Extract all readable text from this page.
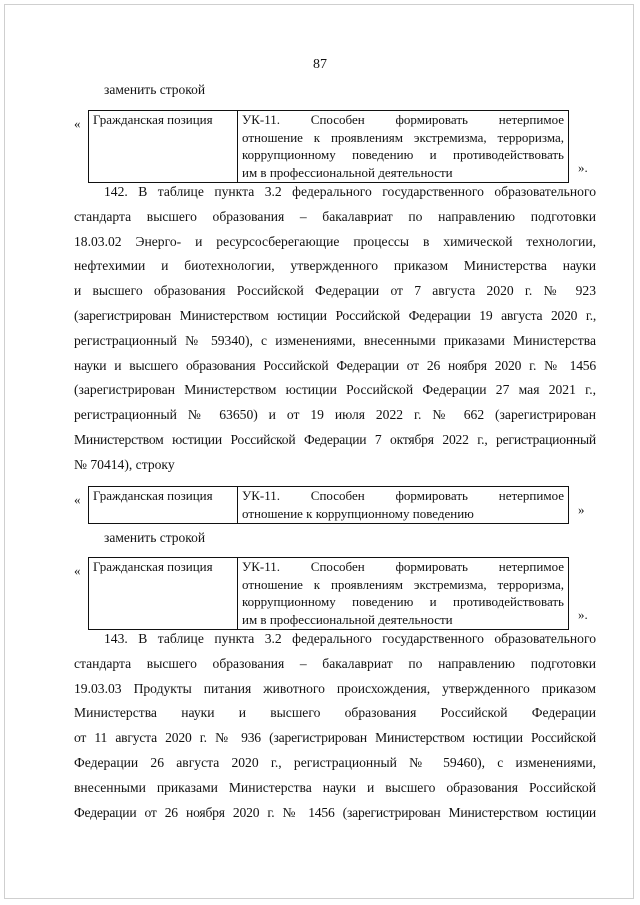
87
заменить строкой
« Гражданская позиция	УК-11. Способен формировать нетерпимое
отношение к проявлениям экстремизма, терроризма,
коррупционному поведению и противодействовать
им в профессиональной деятельности	».
142. В таблице пункта 3.2 федерального государственного образовательного
стандарта высшего образования – бакалавриат по направлению подготовки
18.03.02 Энерго- и ресурсосберегающие процессы в химической технологии,
нефтехимии и биотехнологии, утвержденного приказом Министерства науки
и высшего образования Российской Федерации от 7 августа 2020 г. № 923
(зарегистрирован Министерством юстиции Российской Федерации 19 августа 2020 г.,
регистрационный № 59340), с изменениями, внесенными приказами Министерства
науки и высшего образования Российской Федерации от 26 ноября 2020 г. № 1456
(зарегистрирован Министерством юстиции Российской Федерации 27 мая 2021 г.,
регистрационный № 63650) и от 19 июля 2022 г. № 662 (зарегистрирован
Министерством юстиции Российской Федерации 7 октября 2022 г., регистрационный
№ 70414), строку
« Гражданская позиция	УК-11. Способен формировать нетерпимое
отношение к коррупционному поведению	»
заменить строкой
« Гражданская позиция	УК-11. Способен формировать нетерпимое
отношение к проявлениям экстремизма, терроризма,
коррупционному поведению и противодействовать
им в профессиональной деятельности	».
143. В таблице пункта 3.2 федерального государственного образовательного
стандарта высшего образования – бакалавриат по направлению подготовки
19.03.03 Продукты питания животного происхождения, утвержденного приказом
Министерства науки и высшего образования Российской Федерации
от 11 августа 2020 г. № 936 (зарегистрирован Министерством юстиции Российской
Федерации 26 августа 2020 г., регистрационный № 59460), с изменениями,
внесенными приказами Министерства науки и высшего образования Российской
Федерации от 26 ноября 2020 г. № 1456 (зарегистрирован Министерством юстиции
